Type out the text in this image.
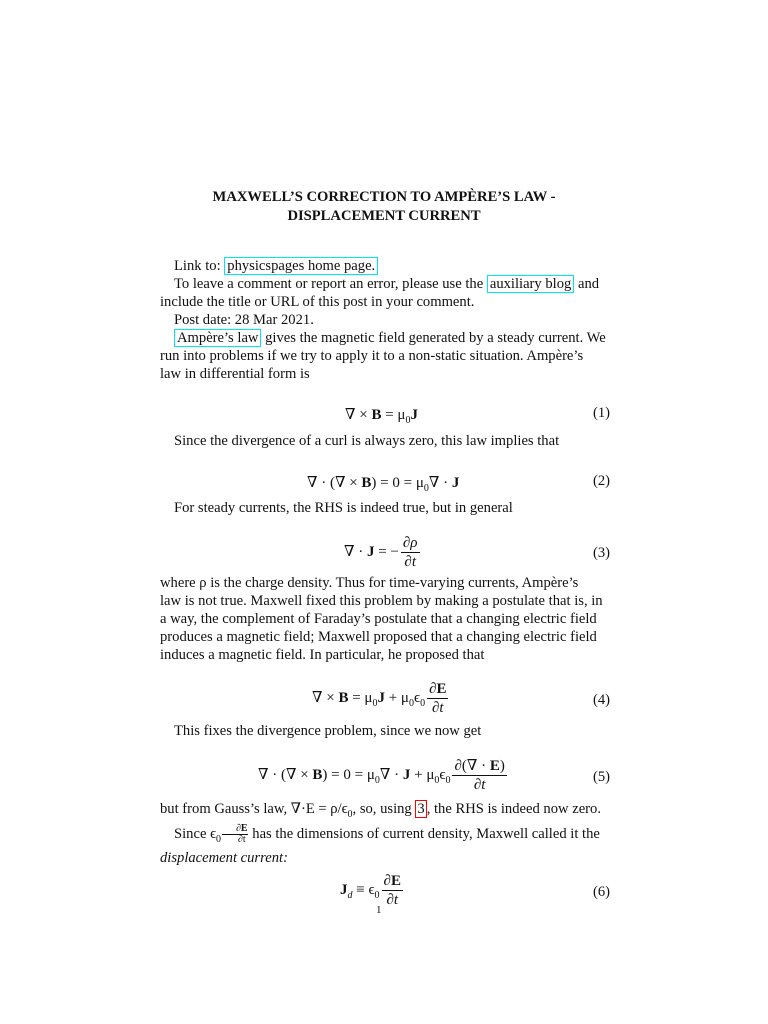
MAXWELL’S CORRECTION TO AMPÈRE’S LAW -
DISPLACEMENT CURRENT

Link to: physicspages home page.

To leave a comment or report an error, please use the auxiliary blog and

include the title or URL of this post in your comment.

Post date: 28 Mar 2021.

Ampère’s law gives the magnetic field generated by a steady current. We

run into problems if we try to apply it to a non-static situation. Ampère’s

law in differential form is

∇ × $B = \mu_0J$	(1)

Since the divergence of a curl is always zero, this law implies that

∇ · (∇ × $B) = 0 = \mu_0\nabla \cdot J$	(2)

For steady currents, the RHS is indeed true, but in general

∇ · J = − $\frac{\partial\rho}{\partial t}$	(3)

where ρ is the charge density. Thus for time-varying currents, Ampère’s

law is not true. Maxwell fixed this problem by making a postulate that is, in

a way, the complement of Faraday’s postulate that a changing electric field

produces a magnetic field; Maxwell proposed that a changing electric field

induces a magnetic field. In particular, he proposed that

∇ × $B = \mu_0J + \mu_0\epsilon_0 \frac{\partial E}{\partial t}$	(4)

This fixes the divergence problem, since we now get

∇ · (∇ × $B) = 0 = \mu_0\nabla \cdot J + \mu_0\epsilon_0 \frac{\partial(\nabla \cdot E)}{\partial t}$	(5)

but from Gauss’s law, $\nabla\cdot E = \rho/\epsilon_0$, so, using 3 , the RHS is indeed now zero.

Since $\epsilon_0 \frac{\partial E}{\partial t}$ has the dimensions of current density, Maxwell called it the

displacement current:

$J_d \equiv \epsilon_0 \frac{\partial E}{\partial t}$	(6)
1
